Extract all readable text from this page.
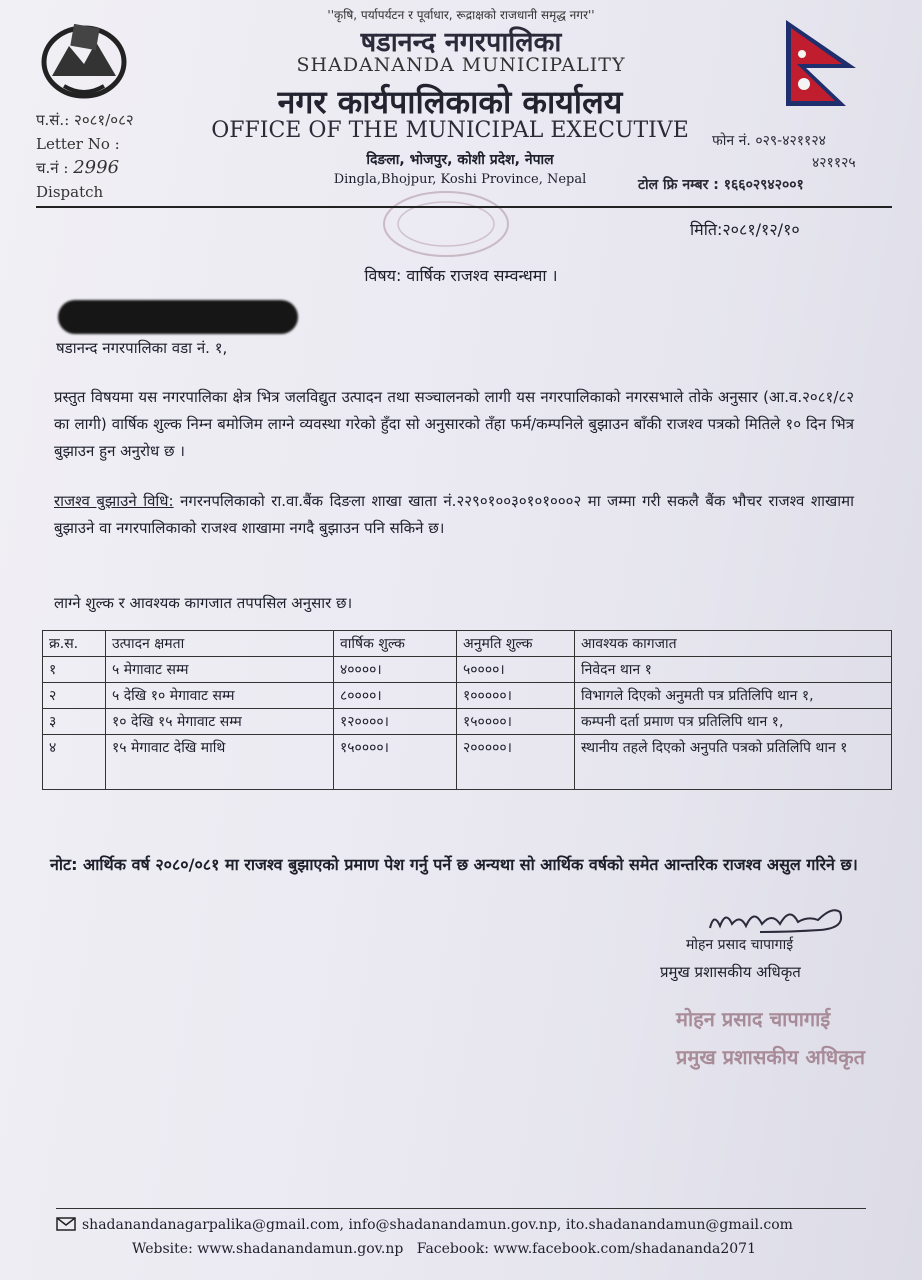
''कृषि, पर्यापर्यटन र पूर्वाधार, रूद्राक्षको राजधानी समृद्ध नगर''
षडानन्द नगरपालिका
SHADANANDA MUNICIPALITY
नगर कार्यपालिकाको कार्यालय
OFFICE OF THE MUNICIPAL EXECUTIVE
दिङला, भोजपुर, कोशी प्रदेश, नेपाल
Dingla,Bhojpur, Koshi Province, Nepal
प.सं.: २०८१/०८२
Letter No :
च.नं : 2996
Dispatch
फोन नं. ०२९-४२११२४
४२११२५
टोल फ्रि नम्बर : १६६०२९४२००१
मिति:२०८१/१२/१०
विषय: वार्षिक राजश्व सम्वन्धमा ।
षडानन्द नगरपालिका वडा नं. १,
प्रस्तुत विषयमा यस नगरपालिका क्षेत्र भित्र जलविद्युत उत्पादन तथा सञ्चालनको लागी यस नगरपालिकाको नगरसभाले तोके अनुसार (आ.व.२०८१/८२ का लागी) वार्षिक शुल्क निम्न बमोजिम लाग्ने व्यवस्था गरेको हुँदा सो अनुसारको तँहा फर्म/कम्पनिले बुझाउन बाँकी राजश्व पत्रको मितिले १० दिन भित्र बुझाउन हुन अनुरोध छ ।
राजश्व बुझाउने विधि: नगरनपलिकाको रा.वा.बैंक दिङला शाखा खाता नं.२२९०१००३०१०१०००२ मा जम्मा गरी सकलै बैंक भौचर राजश्व शाखामा बुझाउने वा नगरपालिकाको राजश्व शाखामा नगदै बुझाउन पनि सकिने छ।
लाग्ने शुल्क र आवश्यक कागजात तपपसिल अनुसार छ।
क्र.स.	उत्पादन क्षमता	वार्षिक शुल्क	अनुमति शुल्क	आवश्यक कागजात
१	५ मेगावाट सम्म	४००००।	५००००।	निवेदन थान १
२	५ देखि १० मेगावाट सम्म	८००००।	१०००००।	विभागले दिएको अनुमती पत्र प्रतिलिपि थान १,
३	१० देखि १५ मेगावाट सम्म	१२००००।	१५००००।	कम्पनी दर्ता प्रमाण पत्र प्रतिलिपि थान १,
४	१५ मेगावाट देखि माथि	१५००००।	२०००००।	स्थानीय तहले दिएको अनुपति पत्रको प्रतिलिपि थान १
नोट: आर्थिक वर्ष २०८०/०८१ मा राजश्व बुझाएको प्रमाण पेश गर्नु पर्ने छ अन्यथा सो आर्थिक वर्षको समेत आन्तरिक राजश्व असुल गरिने छ।
मोहन प्रसाद चापागाई
प्रमुख प्रशासकीय अधिकृत
मोहन प्रसाद चापागाई
प्रमुख प्रशासकीय अधिकृत
shadanandanagarpalika@gmail.com, info@shadanandamun.gov.np, ito.shadanandamun@gmail.com
Website: www.shadanandamun.gov.np   Facebook: www.facebook.com/shadananda2071
